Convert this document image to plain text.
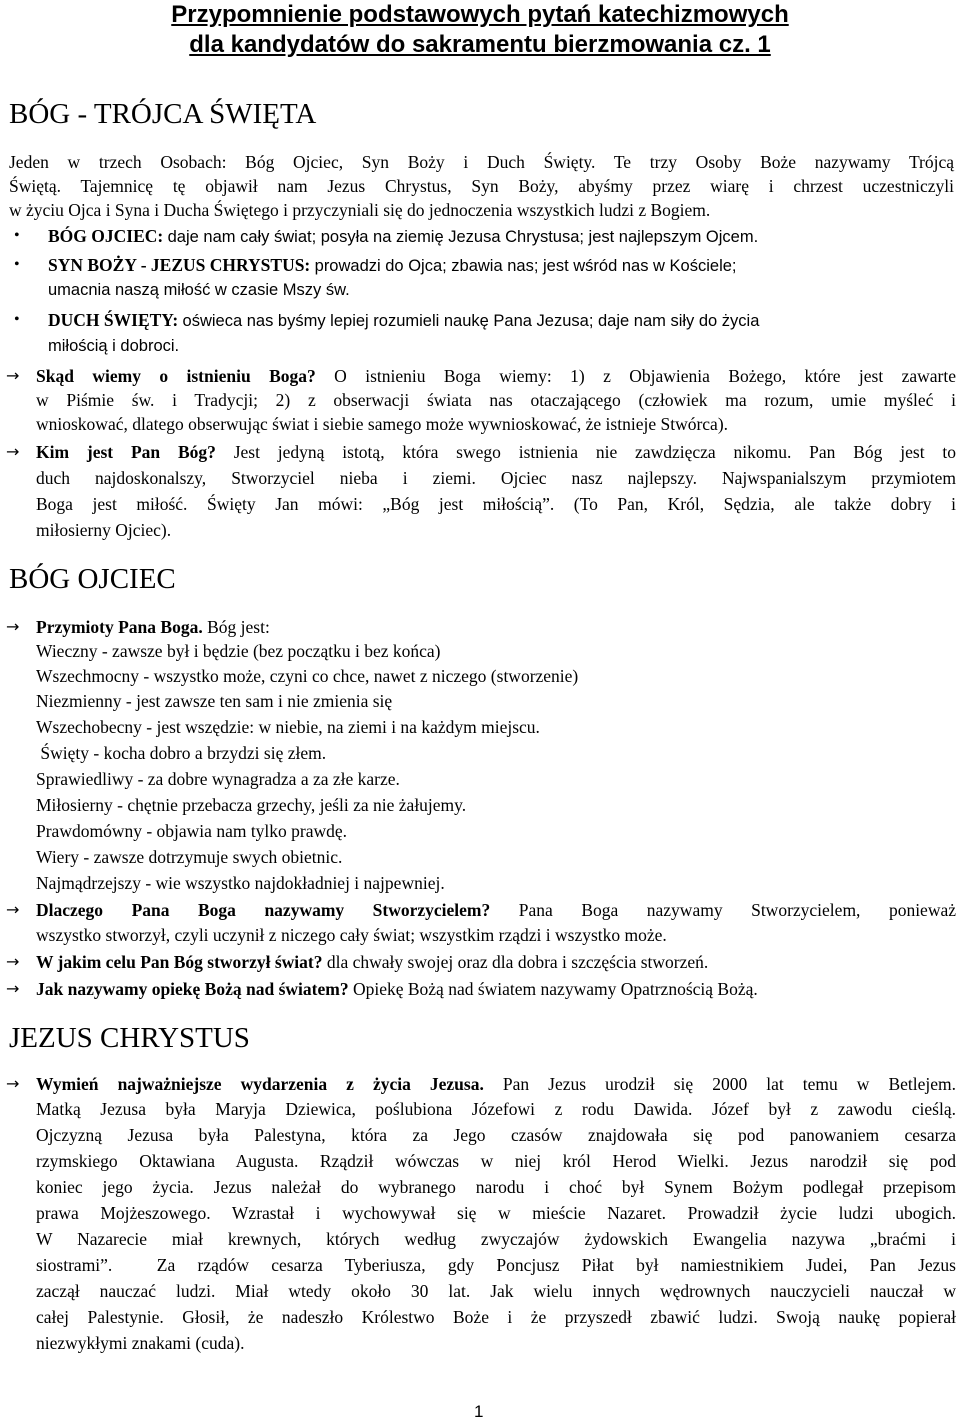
Przypomnienie podstawowych pytań katechizmowych
dla kandydatów do sakramentu bierzmowania cz. 1
BÓG - TRÓJCA ŚWIĘTA
Jeden w trzech Osobach: Bóg Ojciec, Syn Boży i Duch Święty. Te trzy Osoby Boże nazywamy Trójcą
Świętą. Tajemnicę tę objawił nam Jezus Chrystus, Syn Boży, abyśmy przez wiarę i chrzest uczestniczyli
w życiu Ojca i Syna i Ducha Świętego i przyczyniali się do jednoczenia wszystkich ludzi z Bogiem.
• BÓG OJCIEC: daje nam cały świat; posyła na ziemię Jezusa Chrystusa; jest najlepszym Ojcem.
• SYN BOŻY - JEZUS CHRYSTUS: prowadzi do Ojca; zbawia nas; jest wśród nas w Kościele;
umacnia naszą miłość w czasie Mszy św.
• DUCH ŚWIĘTY: oświeca nas byśmy lepiej rozumieli naukę Pana Jezusa; daje nam siły do życia
miłością i dobroci.
→ Skąd wiemy o istnieniu Boga? O istnieniu Boga wiemy: 1) z Objawienia Bożego, które jest zawarte
w Piśmie św. i Tradycji; 2) z obserwacji świata nas otaczającego (człowiek ma rozum, umie myśleć i
wnioskować, dlatego obserwując świat i siebie samego może wywnioskować, że istnieje Stwórca).
→ Kim jest Pan Bóg? Jest jedyną istotą, która swego istnienia nie zawdzięcza nikomu. Pan Bóg jest to
duch najdoskonalszy, Stworzyciel nieba i ziemi. Ojciec nasz najlepszy. Najwspanialszym przymiotem
Boga jest miłość. Święty Jan mówi: „Bóg jest miłością”. (To Pan, Król, Sędzia, ale także dobry i
miłosierny Ojciec).
BÓG OJCIEC
→ Przymioty Pana Boga. Bóg jest:
Wieczny - zawsze był i będzie (bez początku i bez końca)
Wszechmocny - wszystko może, czyni co chce, nawet z niczego (stworzenie)
Niezmienny - jest zawsze ten sam i nie zmienia się
Wszechobecny - jest wszędzie: w niebie, na ziemi i na każdym miejscu.
Święty - kocha dobro a brzydzi się złem.
Sprawiedliwy - za dobre wynagradza a za złe karze.
Miłosierny - chętnie przebacza grzechy, jeśli za nie żałujemy.
Prawdomówny - objawia nam tylko prawdę.
Wiery - zawsze dotrzymuje swych obietnic.
Najmądrzejszy - wie wszystko najdokładniej i najpewniej.
→ Dlaczego Pana Boga nazywamy Stworzycielem? Pana Boga nazywamy Stworzycielem, ponieważ
wszystko stworzył, czyli uczynił z niczego cały świat; wszystkim rządzi i wszystko może.
→ W jakim celu Pan Bóg stworzył świat? dla chwały swojej oraz dla dobra i szczęścia stworzeń.
→ Jak nazywamy opiekę Bożą nad światem? Opiekę Bożą nad światem nazywamy Opatrznością Bożą.
JEZUS CHRYSTUS
→ Wymień najważniejsze wydarzenia z życia Jezusa. Pan Jezus urodził się 2000 lat temu w Betlejem.
Matką Jezusa była Maryja Dziewica, poślubiona Józefowi z rodu Dawida. Józef był z zawodu cieślą.
Ojczyzną Jezusa była Palestyna, która za Jego czasów znajdowała się pod panowaniem cesarza
rzymskiego Oktawiana Augusta. Rządził wówczas w niej król Herod Wielki. Jezus narodził się pod
koniec jego życia. Jezus należał do wybranego narodu i choć był Synem Bożym podlegał przepisom
prawa Mojżeszowego. Wzrastał i wychowywał się w mieście Nazaret. Prowadził życie ludzi ubogich.
W Nazarecie miał krewnych, których według zwyczajów żydowskich Ewangelia nazywa „braćmi i
siostrami”.  Za rządów cesarza Tyberiusza, gdy Poncjusz Piłat był namiestnikiem Judei, Pan Jezus
zaczął nauczać ludzi. Miał wtedy około 30 lat. Jak wielu innych wędrownych nauczycieli nauczał w
całej Palestynie. Głosił, że nadeszło Królestwo Boże i że przyszedł zbawić ludzi. Swoją naukę popierał
niezwykłymi znakami (cuda).
1
